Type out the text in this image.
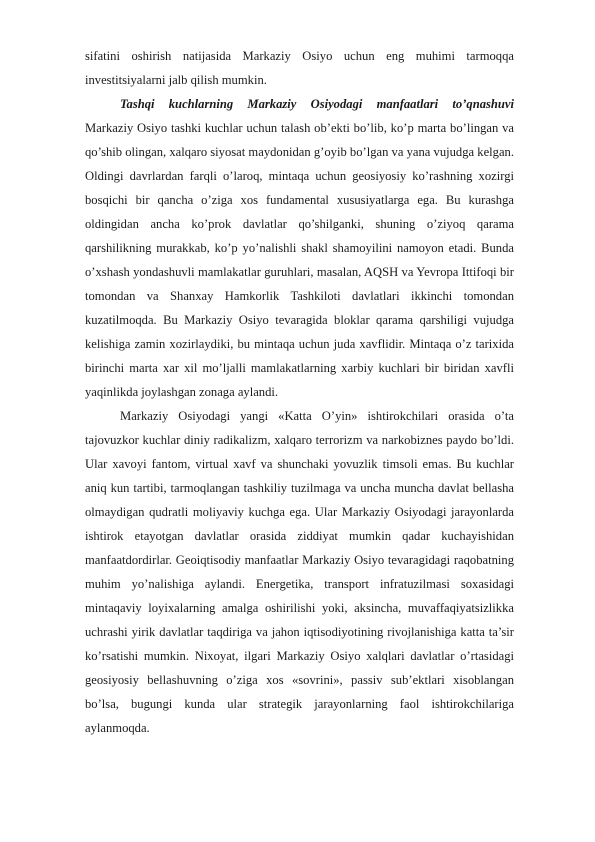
sifatini oshirish natijasida Markaziy Osiyo uchun eng muhimi tarmoqqa investitsiyalarni jalb qilish mumkin.

Tashqi kuchlarning Markaziy Osiyodagi manfaatlari to’qnashuvi

Markaziy Osiyo tashki kuchlar uchun talash ob’ekti bo’lib, ko’p marta bo’lingan va qo’shib olingan, xalqaro siyosat maydonidan g’oyib bo’lgan va yana vujudga kelgan. Oldingi davrlardan farqli o’laroq, mintaqa uchun geosiyosiy ko’rashning xozirgi bosqichi bir qancha o’ziga xos fundamental xususiyatlarga ega. Bu kurashga oldingidan ancha ko’prok davlatlar qo’shilganki, shuning o’ziyoq qarama qarshilikning murakkab, ko’p yo’nalishli shakl shamoyilini namoyon etadi. Bunda o’xshash yondashuvli mamlakatlar guruhlari, masalan, AQSH va Yevropa Ittifoqi bir tomondan va Shanxay Hamkorlik Tashkiloti davlatlari ikkinchi tomondan kuzatilmoqda. Bu Markaziy Osiyo tevaragida bloklar qarama qarshiligi vujudga kelishiga zamin xozirlaydiki, bu mintaqa uchun juda xavflidir. Mintaqa o’z tarixida birinchi marta xar xil mo’ljalli mamlakatlarning xarbiy kuchlari bir biridan xavfli yaqinlikda joylashgan zonaga aylandi.

Markaziy Osiyodagi yangi «Katta O’yin» ishtirokchilari orasida o’ta tajovuzkor kuchlar diniy radikalizm, xalqaro terrorizm va narkobiznes paydo bo’ldi. Ular xavoyi fantom, virtual xavf va shunchaki yovuzlik timsoli emas. Bu kuchlar aniq kun tartibi, tarmoqlangan tashkiliy tuzilmaga va uncha muncha davlat bellasha olmaydigan qudratli moliyaviy kuchga ega. Ular Markaziy Osiyodagi jarayonlarda ishtirok etayotgan davlatlar orasida ziddiyat mumkin qadar kuchayishidan manfaatdordirlar. Geoiqtisodiy manfaatlar Markaziy Osiyo tevaragidagi raqobatning muhim yo’nalishiga aylandi. Energetika, transport infratuzilmasi soxasidagi mintaqaviy loyixalarning amalga oshirilishi yoki, aksincha, muvaffaqiyatsizlikka uchrashi yirik davlatlar taqdiriga va jahon iqtisodiyotining rivojlanishiga katta ta’sir ko’rsatishi mumkin. Nixoyat, ilgari Markaziy Osiyo xalqlari davlatlar o’rtasidagi geosiyosiy bellashuvning o’ziga xos «sovrini», passiv sub’ektlari xisoblangan bo’lsa, bugungi kunda ular strategik jarayonlarning faol ishtirokchilariga aylanmoqda.
